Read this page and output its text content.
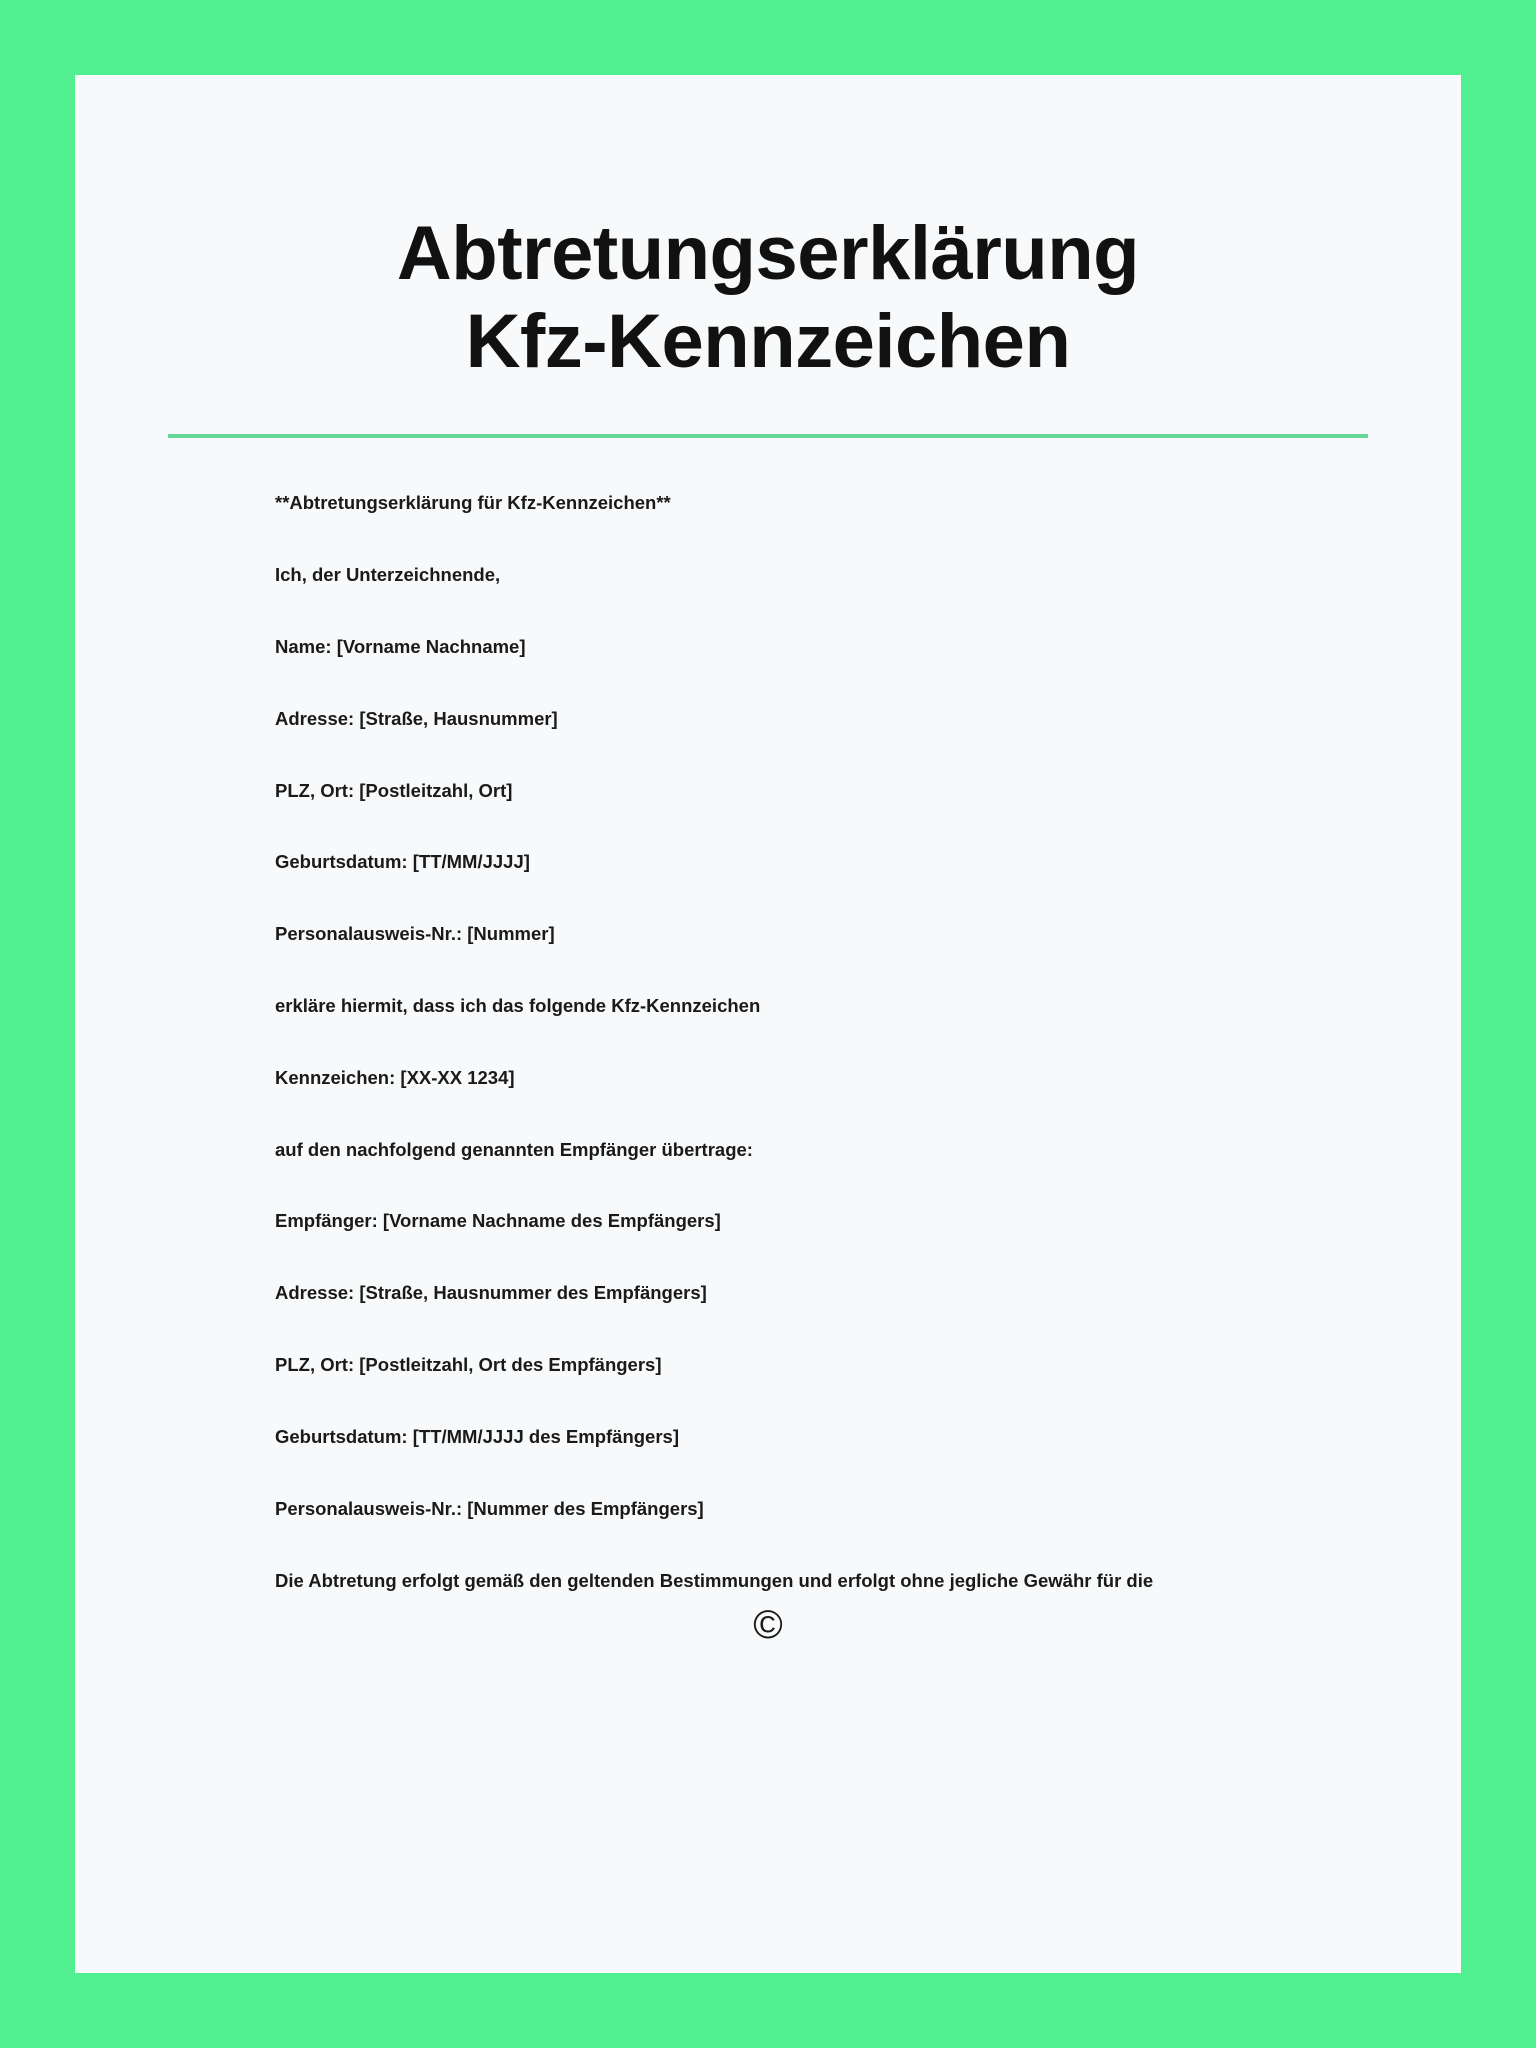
Abtretungserklärung
Kfz-Kennzeichen

**Abtretungserklärung für Kfz-Kennzeichen**

Ich, der Unterzeichnende,

Name: [Vorname Nachname]

Adresse: [Straße, Hausnummer]

PLZ, Ort: [Postleitzahl, Ort]

Geburtsdatum: [TT/MM/JJJJ]

Personalausweis-Nr.: [Nummer]

erkläre hiermit, dass ich das folgende Kfz-Kennzeichen

Kennzeichen: [XX-XX 1234]

auf den nachfolgend genannten Empfänger übertrage:

Empfänger: [Vorname Nachname des Empfängers]

Adresse: [Straße, Hausnummer des Empfängers]

PLZ, Ort: [Postleitzahl, Ort des Empfängers]

Geburtsdatum: [TT/MM/JJJJ des Empfängers]

Personalausweis-Nr.: [Nummer des Empfängers]

Die Abtretung erfolgt gemäß den geltenden Bestimmungen und erfolgt ohne jegliche Gewähr für die

©
